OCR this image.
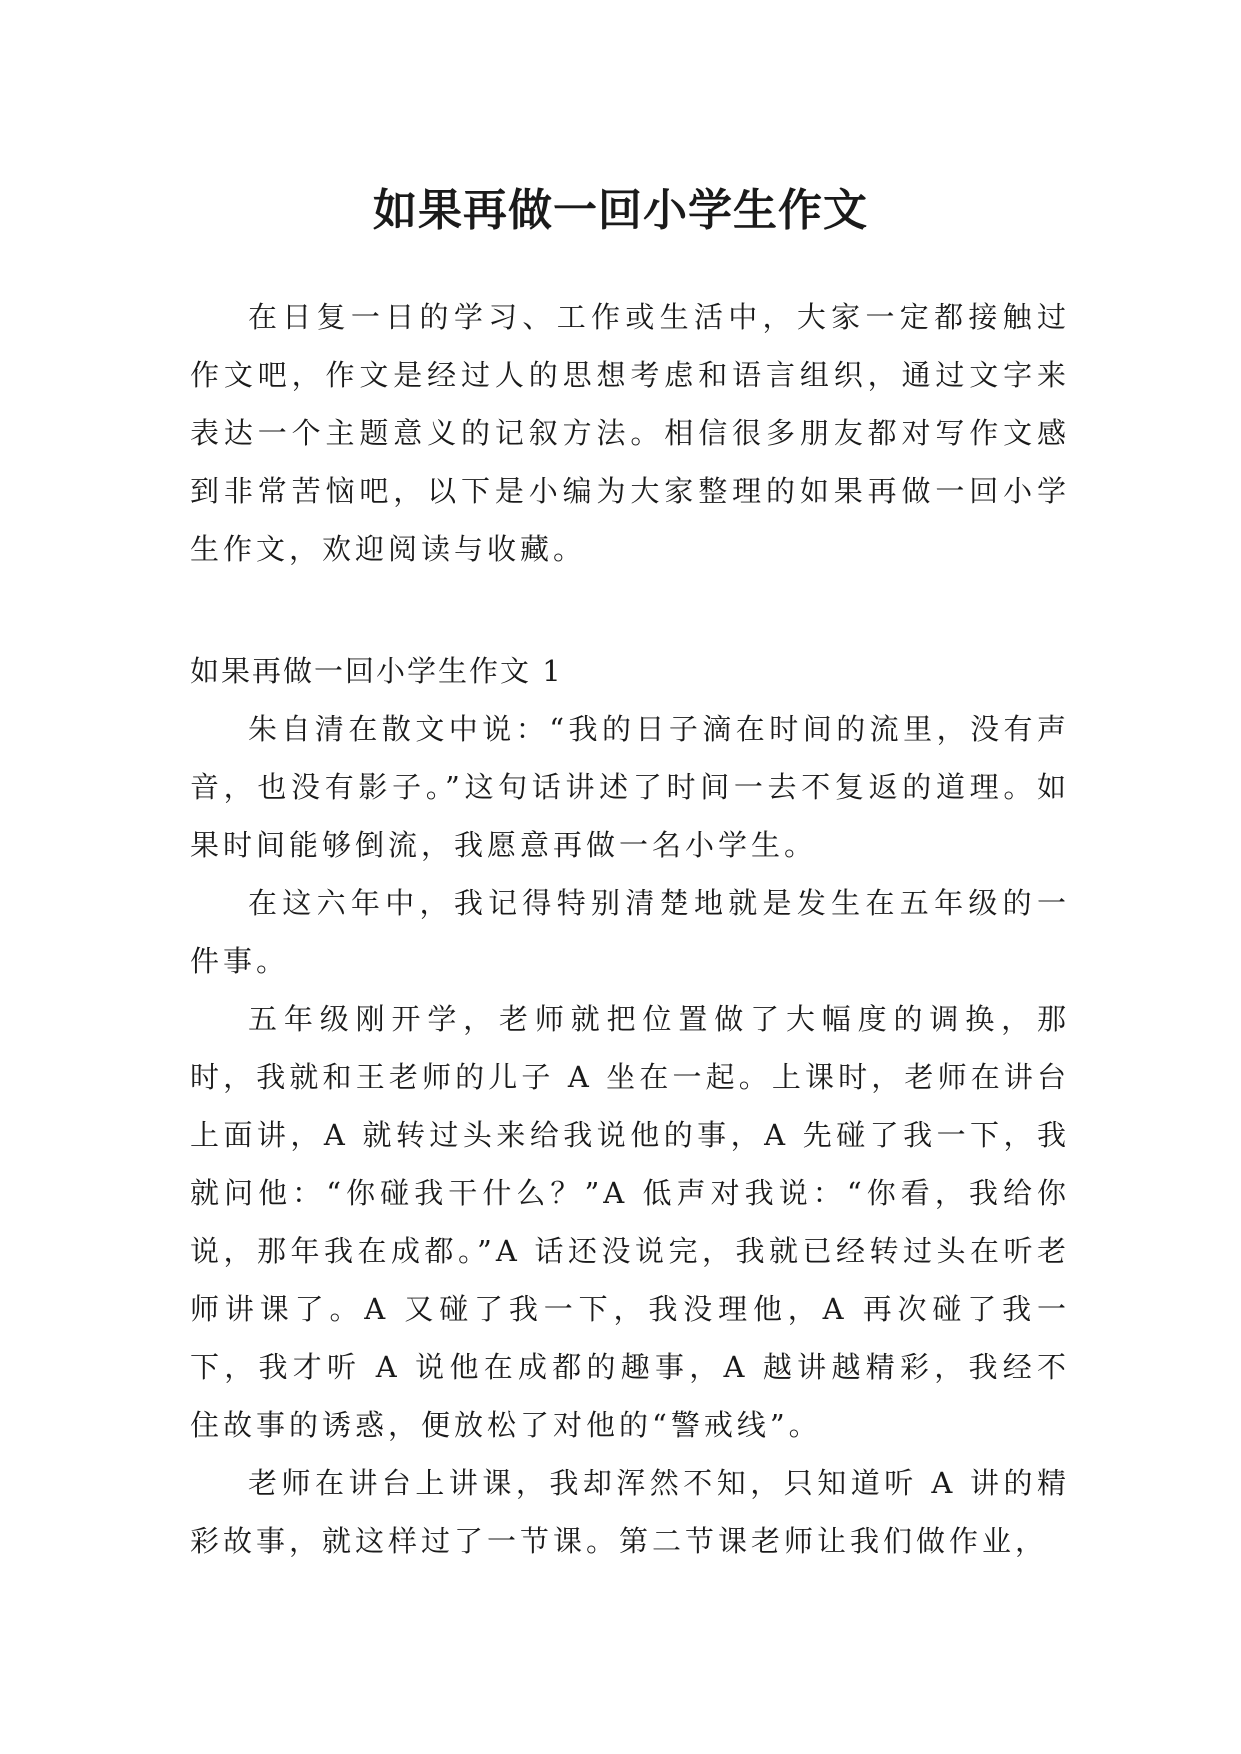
如果再做一回小学生作文

在日复一日的学习、工作或生活中，大家一定都接触过作文吧，作文是经过人的思想考虑和语言组织，通过文字来表达一个主题意义的记叙方法。相信很多朋友都对写作文感到非常苦恼吧，以下是小编为大家整理的如果再做一回小学生作文，欢迎阅读与收藏。

如果再做一回小学生作文 1

朱自清在散文中说：“我的日子滴在时间的流里，没有声音，也没有影子。”这句话讲述了时间一去不复返的道理。如果时间能够倒流，我愿意再做一名小学生。

在这六年中，我记得特别清楚地就是发生在五年级的一件事。

五年级刚开学，老师就把位置做了大幅度的调换，那时，我就和王老师的儿子 A 坐在一起。上课时，老师在讲台上面讲，A 就转过头来给我说他的事，A 先碰了我一下，我就问他：“你碰我干什么？”A 低声对我说：“你看，我给你说，那年我在成都。”A 话还没说完，我就已经转过头在听老师讲课了。A 又碰了我一下，我没理他，A 再次碰了我一下，我才听 A 说他在成都的趣事，A 越讲越精彩，我经不住故事的诱惑，便放松了对他的“警戒线”。

老师在讲台上讲课，我却浑然不知，只知道听 A 讲的精彩故事，就这样过了一节课。第二节课老师让我们做作业，
